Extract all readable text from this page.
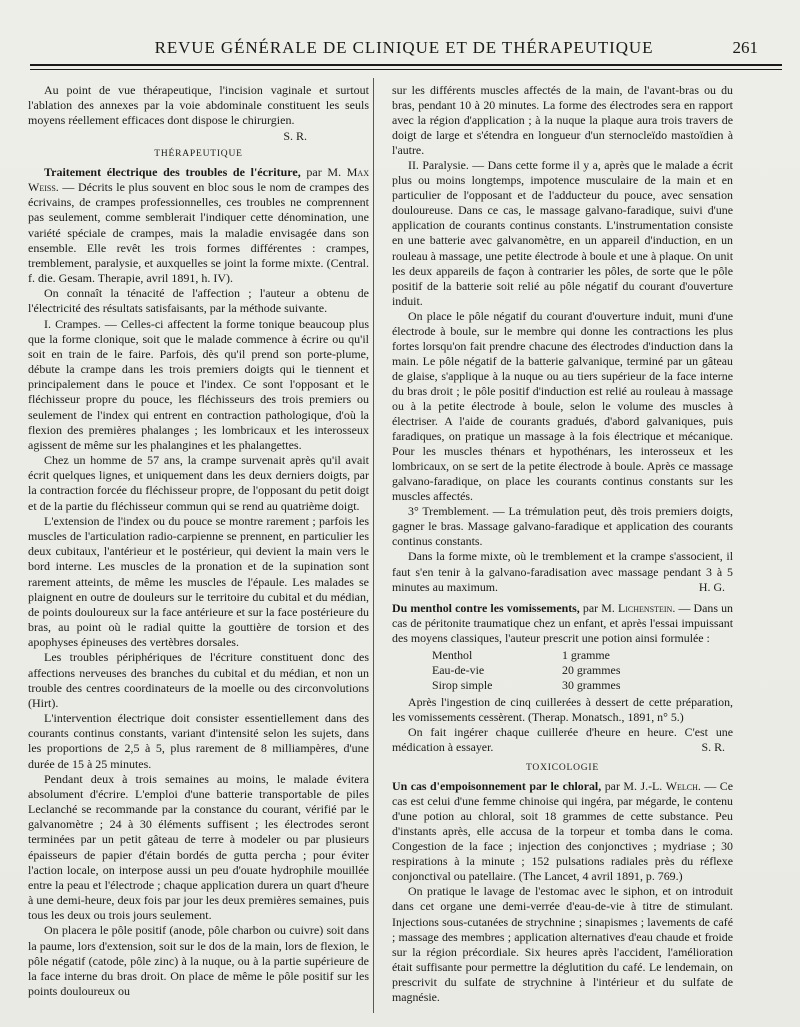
REVUE GÉNÉRALE DE CLINIQUE ET DE THÉRAPEUTIQUE	261

Au point de vue thérapeutique, l'incision vaginale et surtout l'ablation des annexes par la voie abdominale constituent les seuls moyens réellement efficaces dont dispose le chirurgien.

S. R.
THÉRAPEUTIQUE

Traitement électrique des troubles de l'écriture, par M. Max Weiss. — Décrits le plus souvent en bloc sous le nom de crampes des écrivains, de crampes professionnelles, ces troubles ne comprennent pas seulement, comme semblerait l'indiquer cette dénomination, une variété spéciale de crampes, mais la maladie envisagée dans son ensemble. Elle revêt les trois formes différentes : crampes, tremblement, paralysie, et auxquelles se joint la forme mixte. (Central. f. die. Gesam. Therapie, avril 1891, h. IV).

On connaît la ténacité de l'affection ; l'auteur a obtenu de l'électricité des résultats satisfaisants, par la méthode suivante.

I. Crampes. — Celles-ci affectent la forme tonique beaucoup plus que la forme clonique, soit que le malade commence à écrire ou qu'il soit en train de le faire. Parfois, dès qu'il prend son porte-plume, débute la crampe dans les trois premiers doigts qui le tiennent et principalement dans le pouce et l'index. Ce sont l'opposant et le fléchisseur propre du pouce, les fléchisseurs des trois premiers ou seulement de l'index qui entrent en contraction pathologique, d'où la flexion des premières phalanges ; les lombricaux et les interosseux agissent de même sur les phalangines et les phalangettes.

Chez un homme de 57 ans, la crampe survenait après qu'il avait écrit quelques lignes, et uniquement dans les deux derniers doigts, par la contraction forcée du fléchisseur propre, de l'opposant du petit doigt et de la partie du fléchisseur commun qui se rend au quatrième doigt.

L'extension de l'index ou du pouce se montre rarement ; parfois les muscles de l'articulation radio-carpienne se prennent, en particulier les deux cubitaux, l'antérieur et le postérieur, qui devient la main vers le bord interne. Les muscles de la pronation et de la supination sont rarement atteints, de même les muscles de l'épaule. Les malades se plaignent en outre de douleurs sur le territoire du cubital et du médian, de points douloureux sur la face antérieure et sur la face postérieure du bras, au point où le radial quitte la gouttière de torsion et des apophyses épineuses des vertèbres dorsales.

Les troubles périphériques de l'écriture constituent donc des affections nerveuses des branches du cubital et du médian, et non un trouble des centres coordinateurs de la moelle ou des circonvolutions (Hirt).

L'intervention électrique doit consister essentiellement dans des courants continus constants, variant d'intensité selon les sujets, dans les proportions de 2,5 à 5, plus rarement de 8 milliampères, d'une durée de 15 à 25 minutes.

Pendant deux à trois semaines au moins, le malade évitera absolument d'écrire. L'emploi d'une batterie transportable de piles Leclanché se recommande par la constance du courant, vérifié par le galvanomètre ; 24 à 30 éléments suffisent ; les électrodes seront terminées par un petit gâteau de terre à modeler ou par plusieurs épaisseurs de papier d'étain bordés de gutta percha ; pour éviter l'action locale, on interpose aussi un peu d'ouate hydrophile mouillée entre la peau et l'électrode ; chaque application durera un quart d'heure à une demi-heure, deux fois par jour les deux premières semaines, puis tous les deux ou trois jours seulement.

On placera le pôle positif (anode, pôle charbon ou cuivre) soit dans la paume, lors d'extension, soit sur le dos de la main, lors de flexion, le pôle négatif (catode, pôle zinc) à la nuque, ou à la partie supérieure de la face interne du bras droit. On place de même le pôle positif sur les points douloureux ou

sur les différents muscles affectés de la main, de l'avant-bras ou du bras, pendant 10 à 20 minutes. La forme des électrodes sera en rapport avec la région d'application ; à la nuque la plaque aura trois travers de doigt de large et s'étendra en longueur d'un sternocleïdo mastoïdien à l'autre.

II. Paralysie. — Dans cette forme il y a, après que le malade a écrit plus ou moins longtemps, impotence musculaire de la main et en particulier de l'opposant et de l'adducteur du pouce, avec sensation douloureuse. Dans ce cas, le massage galvano-faradique, suivi d'une application de courants continus constants. L'instrumentation consiste en une batterie avec galvanomètre, en un appareil d'induction, en un rouleau à massage, une petite électrode à boule et une à plaque. On unit les deux appareils de façon à contrarier les pôles, de sorte que le pôle positif de la batterie soit relié au pôle négatif du courant d'ouverture induit.

On place le pôle négatif du courant d'ouverture induit, muni d'une électrode à boule, sur le membre qui donne les contractions les plus fortes lorsqu'on fait prendre chacune des électrodes d'induction dans la main. Le pôle négatif de la batterie galvanique, terminé par un gâteau de glaise, s'applique à la nuque ou au tiers supérieur de la face interne du bras droit ; le pôle positif d'induction est relié au rouleau à massage ou à la petite électrode à boule, selon le volume des muscles à électriser. A l'aide de courants gradués, d'abord galvaniques, puis faradiques, on pratique un massage à la fois électrique et mécanique. Pour les muscles thénars et hypothénars, les interosseux et les lombricaux, on se sert de la petite électrode à boule. Après ce massage galvano-faradique, on place les courants continus constants sur les muscles affectés.

3° Tremblement. — La trémulation peut, dès trois premiers doigts, gagner le bras. Massage galvano-faradique et application des courants continus constants.

Dans la forme mixte, où le tremblement et la crampe s'associent, il faut s'en tenir à la galvano-faradisation avec massage pendant 3 à 5 minutes au maximum.	H. G.

Du menthol contre les vomissements, par M. Lichenstein. — Dans un cas de péritonite traumatique chez un enfant, et après l'essai impuissant des moyens classiques, l'auteur prescrit une potion ainsi formulée :

Menthol	1 gramme
Eau-de-vie	20 grammes
Sirop simple	30 grammes

Après l'ingestion de cinq cuillerées à dessert de cette préparation, les vomissements cessèrent. (Therap. Monatsch., 1891, n° 5.)

On fait ingérer chaque cuillerée d'heure en heure. C'est une médication à essayer.	S. R.

TOXICOLOGIE

Un cas d'empoisonnement par le chloral, par M. J.-L. Welch. — Ce cas est celui d'une femme chinoise qui ingéra, par mégarde, le contenu d'une potion au chloral, soit 18 grammes de cette substance. Peu d'instants après, elle accusa de la torpeur et tomba dans le coma. Congestion de la face ; injection des conjonctives ; mydriase ; 30 respirations à la minute ; 152 pulsations radiales près du réflexe conjonctival ou patellaire. (The Lancet, 4 avril 1891, p. 769.)

On pratique le lavage de l'estomac avec le siphon, et on introduit dans cet organe une demi-verrée d'eau-de-vie à titre de stimulant. Injections sous-cutanées de strychnine ; sinapismes ; lavements de café ; massage des membres ; application alternatives d'eau chaude et froide sur la région précordiale. Six heures après l'accident, l'amélioration était suffisante pour permettre la déglutition du café. Le lendemain, on prescrivit du sulfate de strychnine à l'intérieur et du sulfate de magnésie.
